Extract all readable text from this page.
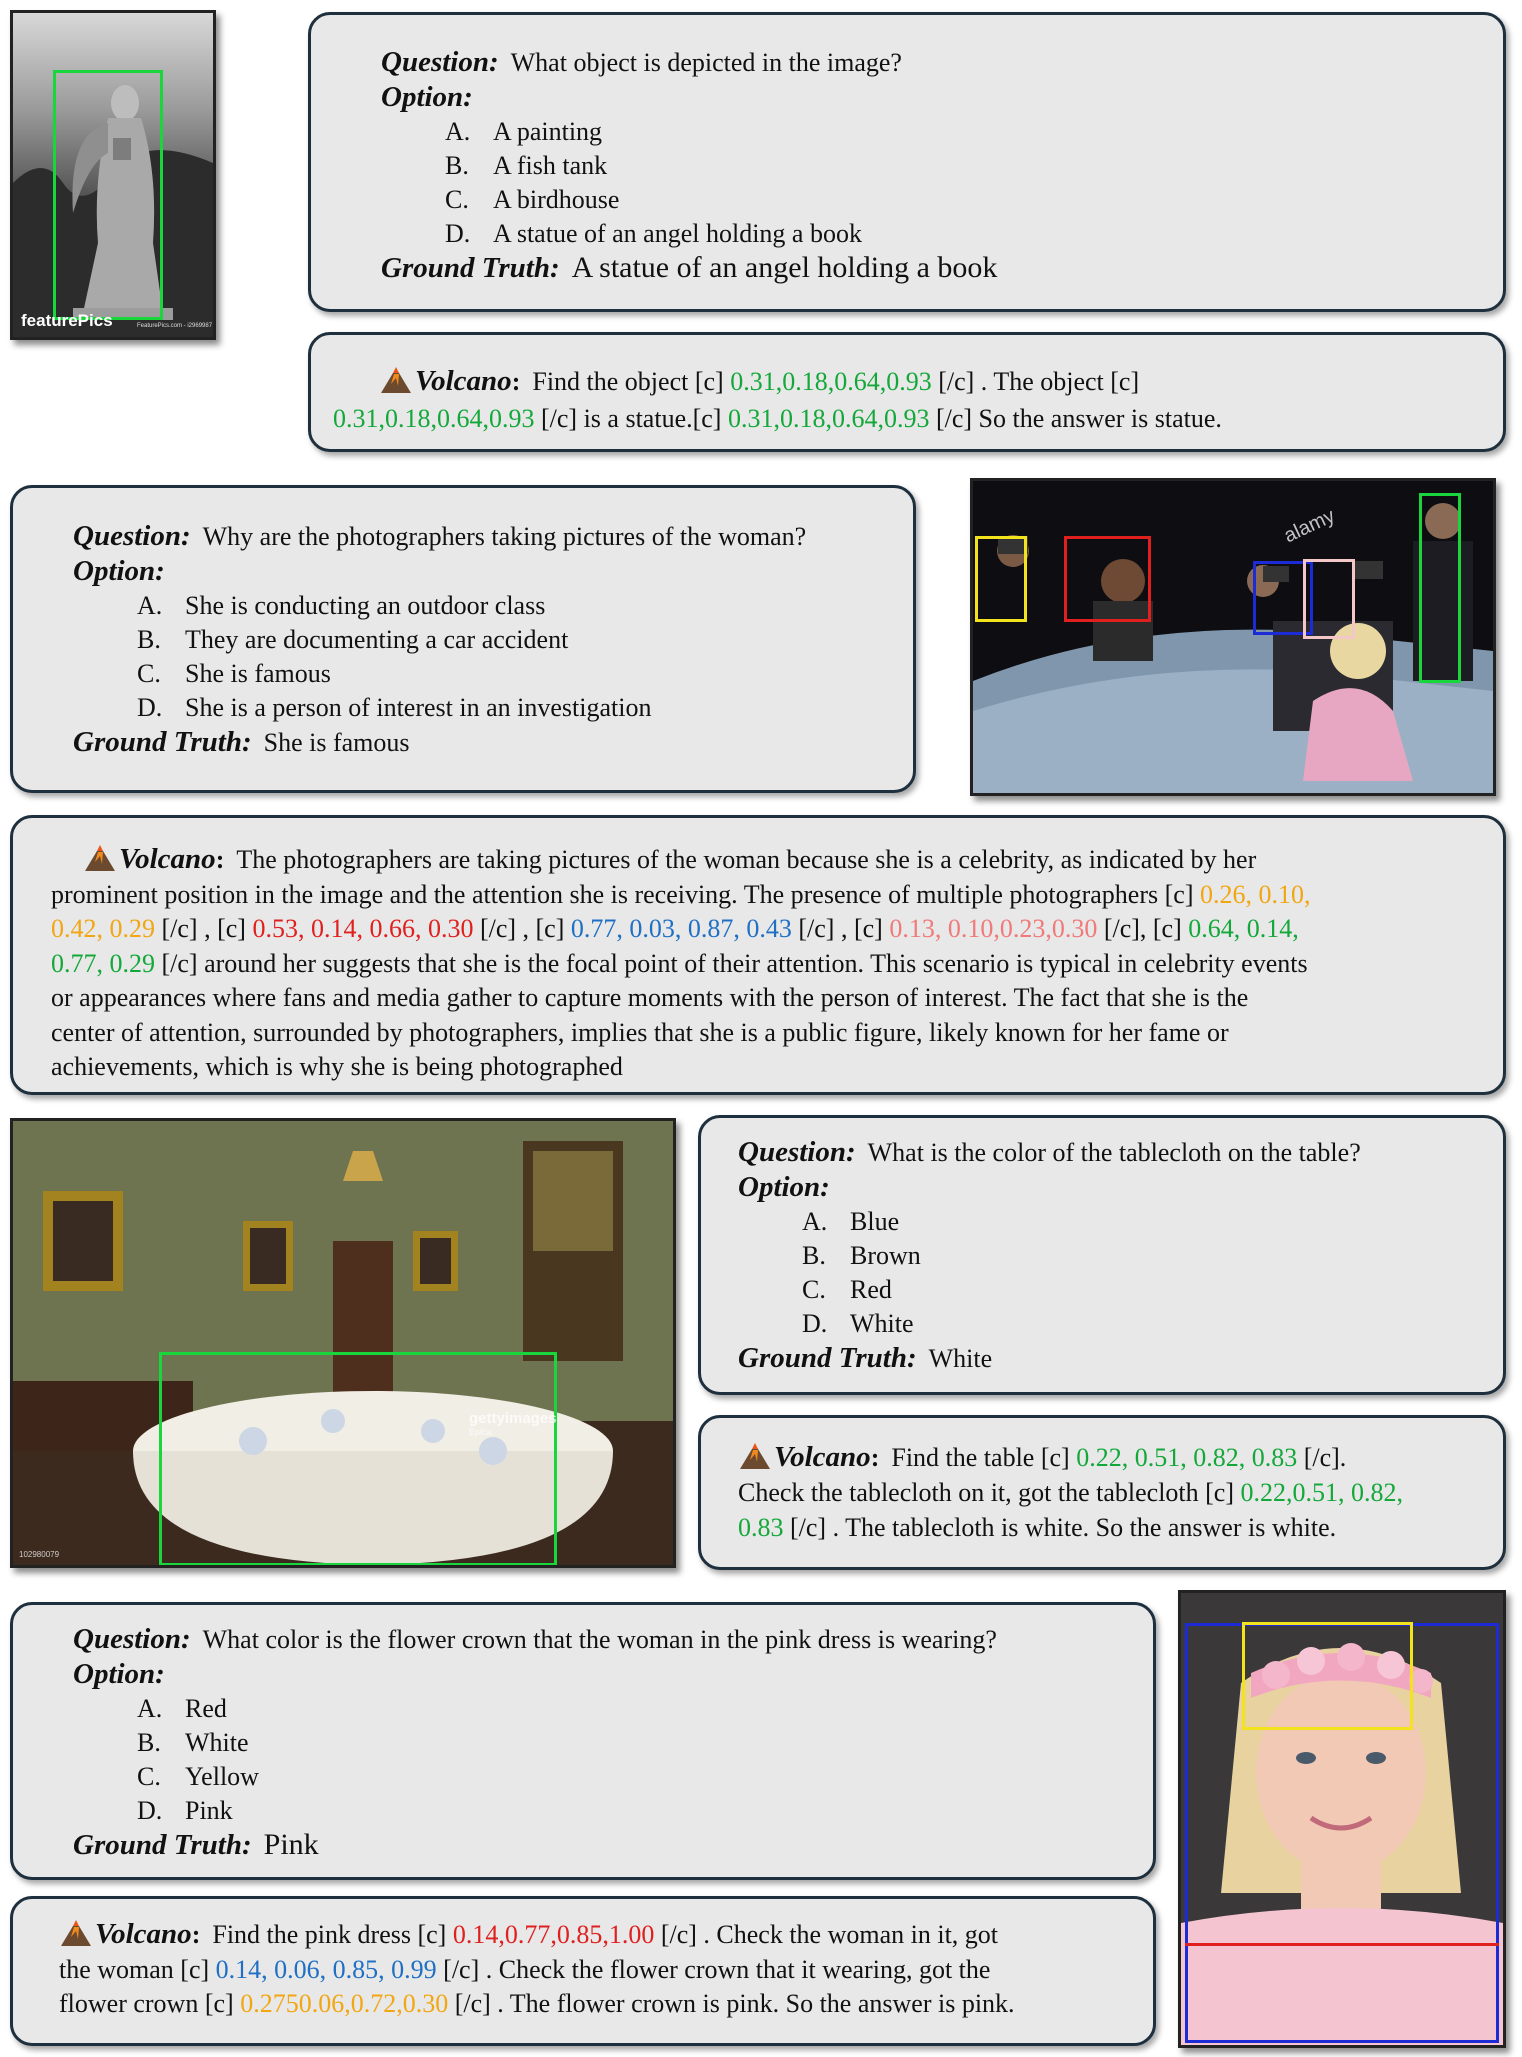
featurePics	FeaturePics.com - i2969987
Question: What object is depicted in the image?
Option:
A. A painting
B. A fish tank
C. A birdhouse
D. A statue of an angel holding a book
Ground Truth: A statue of an angel holding a book
Volcano: Find the object [c] 0.31,0.18,0.64,0.93 [/c] . The object [c]
0.31,0.18,0.64,0.93 [/c] is a statue.[c] 0.31,0.18,0.64,0.93 [/c] So the answer is statue.
Question: Why are the photographers taking pictures of the woman?
Option:
A. She is conducting an outdoor class
B. They are documenting a car accident
C. She is famous
D. She is a person of interest in an investigation
Ground Truth: She is famous
alamy
Volcano: The photographers are taking pictures of the woman because she is a celebrity, as indicated by her
prominent position in the image and the attention she is receiving. The presence of multiple photographers [c] 0.26, 0.10,
0.42, 0.29 [/c] , [c] 0.53, 0.14, 0.66, 0.30 [/c] , [c] 0.77, 0.03, 0.87, 0.43 [/c] , [c] 0.13, 0.10,0.23,0.30 [/c], [c] 0.64, 0.14,
0.77, 0.29 [/c] around her suggests that she is the focal point of their attention. This scenario is typical in celebrity events
or appearances where fans and media gather to capture moments with the person of interest. The fact that she is the
center of attention, surrounded by photographers, implies that she is a public figure, likely known for her fame or
achievements, which is why she is being photographed
gettyimages
Epica
102980079
Question: What is the color of the tablecloth on the table?
Option:
A. Blue
B. Brown
C. Red
D. White
Ground Truth: White
Volcano: Find the table [c] 0.22, 0.51, 0.82, 0.83 [/c].
Check the tablecloth on it, got the tablecloth [c] 0.22,0.51, 0.82,
0.83 [/c] . The tablecloth is white. So the answer is white.
Question: What color is the flower crown that the woman in the pink dress is wearing?
Option:
A. Red
B. White
C. Yellow
D. Pink
Ground Truth: Pink
Volcano: Find the pink dress [c] 0.14,0.77,0.85,1.00 [/c] . Check the woman in it, got
the woman [c] 0.14, 0.06, 0.85, 0.99 [/c] . Check the flower crown that it wearing, got the
flower crown [c] 0.2750.06,0.72,0.30 [/c] . The flower crown is pink. So the answer is pink.
